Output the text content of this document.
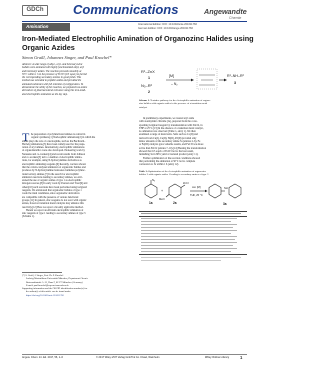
GDCh	Communications	Angewandte
Chemie
Amination	International Edition: DOI: 10.1002/anie.201611766
German Edition: DOI: 10.1002/ange.201611766
Iron-Mediated Electrophilic Amination of Organozinc Halides using
Organic Azides
Simon Graßl, Johannes Singer, and Paul Knochel*
Abstract: A wide range of alkyl-, aryl- and heteroaryl-zinc
halides were aminated with highly functionalized alkyl, aryl
and heteroaryl azides. The reaction proceeds smoothly at
50°C within 1 h in the presence of FeCl3 (0.5 equiv) to furnish
the corresponding secondary amines in good yields. This
method was extended to peptidic azides and provided the
aminated substrates with full retention of configuration. To
demonstrate the utility of this reaction, we prepared two amine
derivatives of pharmaceutical relevance using this iron-medi-
ated electrophilic amination as the key step.
R¹–ZnX
1
N₃–R²
2
[M]
– N₂
R¹–NH–R²
3
Scheme 1. Tentative pathway for the electrophilic amination of organo-
zinc halides with organic azides in the presence of a transition metal
catalyst.
T he preparation of polyfunctional amines is central in
organic synthesis.[1] Nucleophilic aminations[2] in which the
amine plays the role of a nucleophile, such as the Buchwald–
Hartwig aminations,[3] have been widely used for the prepa-
ration of aryl amines. Alternatively, electrophilic aminations
of organometallics were also developed. Pioneering work by
Narasaka and co-workers[4] and recent results from Johnson
and co-workers[5] led to a number of electrophilic amina-
tions, for example, using N-hydroxylamine derivatives as
electrophilic aminating reagents.[6] Recently, we have shown
that the cobalt-catalyzed amination of organozinc halides and
produces by N-hydroxylamine benzoates furnishes polyfunc-
tional tertiary amines.[7] In the search for electrophilic
amination reactions leading to secondary amines, we envi-
sioned the use of organic azides of type 1 as electrophilic
nitrogen sources.[8] In early work by Pearson and Trost[9] and
others[10] such reactions have been performed using Grignard
reagents. We envisioned that organozinc halides of type 1
would be ideal candidates, since organozinc derivatives
are compatible with the presence of various functional
groups.[11] In general, zinc reagents do not react with organic
azides, however transition metal catalysts may enhance this
reactivity.[12] Here we report a broadly applicable method.
Herein we report an efficient electrophilic amination of
zinc reagents of type 1 leading to secondary amines of type 3
(Scheme 1).
In preliminary experiments, we treated aryl azide
with 4-anisylzinc chloride (2a), prepared from the corre-
sponding Grignard reagent by transmetalation with ZnCl2, in
THF at 25°C.[13] In the absence of a transition metal catalyst,
no amination was observed (Table 1, entry 1). We then
examined a range of metal salts. Salts such as Co(II) and
derived from Cu(I), Cu(II), Ni(II), Pd(II) provided only
minor amounts of the secondary amine 3a (entries 2–6). Fe
or Fe(III) catalysts gave valuable results, and FeCl3 was more
active than FeCl2 (entries 7–10).[14] Heating the transformation
showed that 0.5 equiv of FeCl3 led to the best result,
furnishing 3a in 80% yield of isolated product (entry 11).
Further optimization of the reaction conditions showed
that performing the amination at 50°C led to complete
conversion to 3a within 1 h (entry 12).
Table 1: Optimization of the electrophilic amination of organozinc
halides 2 with organic azides 1 leading to secondary amines of type 3
N₃
1a
+
ZnCl
MeO
2a
cat. [M]
THF, 25 °C
NH
3a
[*] S. Graßl, J. Singer, Prof. Dr. P. Knochel
Ludwig-Maximilians-Universität München, Department Chemie
Butenandtstraße 5–13, Haus F, 81377 München (Germany)
E-mail: paul.knochel@cup.uni-muenchen.de
Supporting information and the ORCID identification number(s) for
the author(s) of this article can be found under:
https://doi.org/10.1002/anie.201611766
Angew. Chem. Int. Ed. 2017, 56, 1–6	© 2017 Wiley-VCH Verlag GmbH & Co. KGaA, Weinheim	Wiley Online Library	1
